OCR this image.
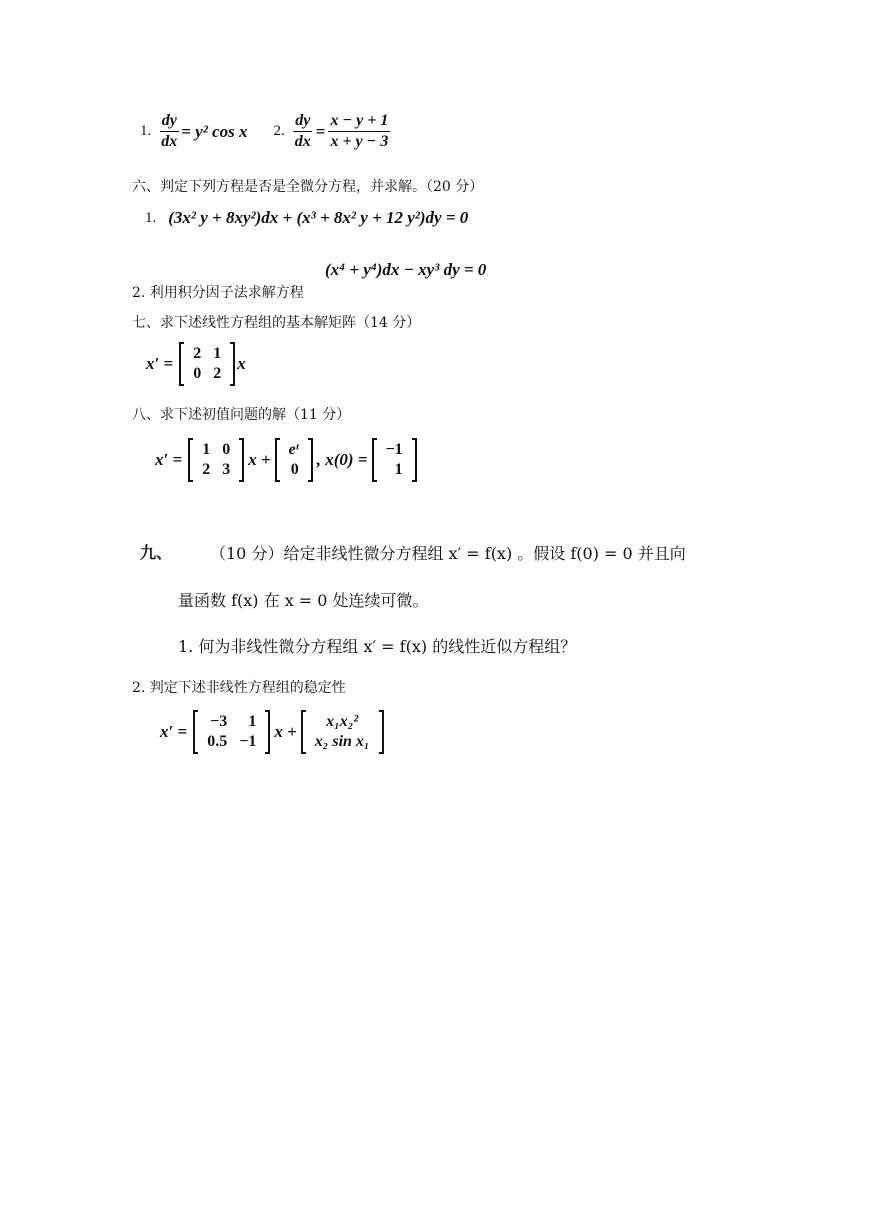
1. $\frac{dy}{dx} = y^2$ cos x 2. $\frac{dy}{dx} = \frac{x - y + 1}{x + y - 3}$
六、判定下列方程是否是全微分方程，并求解。（20 分）
1. (3x² y + 8xy²)dx + (x³ + 8x² y + 12 y²)dy = 0
(x⁴ + y⁴)dx − xy³ dy = 0
2. 利用积分因子法求解方程
七、求下述线性方程组的基本解矩阵（14 分）
x′ =
2	1
0	2
x
八、求下述初值问题的解（11 分）
x′ =
1	0
2	3
x +
eᵗ
0
, x(0) =
−1
1
九、 （10 分）给定非线性微分方程组 x′ = f(x) 。假设 f(0) = 0 并且向
量函数 f(x) 在 x = 0 处连续可微。
1. 何为非线性微分方程组 x′ = f(x) 的线性近似方程组？
2. 判定下述非线性方程组的稳定性
x′ =
−3	1
0.5	−1
x +
x₁x₂²
x₂ sin x₁
